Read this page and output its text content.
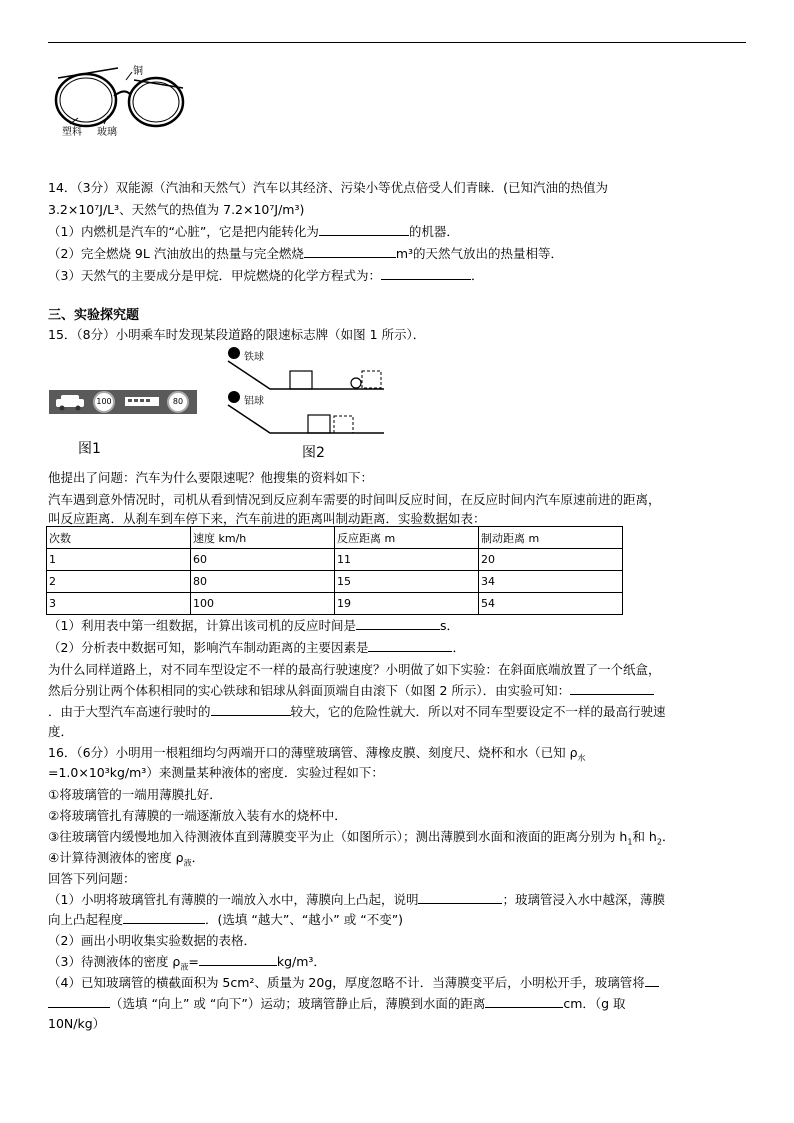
铜
塑料 玻璃
14．（3分）双能源（汽油和天然气）汽车以其经济、污染小等优点倍受人们青睐．(已知汽油的热值为
3.2×10⁷J/L³、天然气的热值为 7.2×10⁷J/m³)
（1）内燃机是汽车的“心脏”，它是把内能转化为	的机器．
（2）完全燃烧 9L 汽油放出的热量与完全燃烧	m³的天然气放出的热量相等．
（3）天然气的主要成分是甲烷．甲烷燃烧的化学方程式为：	．
三、实验探究题
15．（8分）小明乘车时发现某段道路的限速标志牌（如图 1 所示）．
100	80
图1
铁球
铝球
图2
他提出了问题：汽车为什么要限速呢？他搜集的资料如下：
汽车遇到意外情况时，司机从看到情况到反应刹车需要的时间叫反应时间，在反应时间内汽车原速前进的距离，
叫反应距离．从刹车到车停下来，汽车前进的距离叫制动距离．实验数据如表：
次数	速度 km/h	反应距离 m	制动距离 m
1	60	11	20
2	80	15	34
3	100	19	54
（1）利用表中第一组数据，计算出该司机的反应时间是	s．
（2）分析表中数据可知，影响汽车制动距离的主要因素是	．
为什么同样道路上，对不同车型设定不一样的最高行驶速度？小明做了如下实验：在斜面底端放置了一个纸盒，
然后分别让两个体积相同的实心铁球和铝球从斜面顶端自由滚下（如图 2 所示）．由实验可知：
．由于大型汽车高速行驶时的	较大，它的危险性就大．所以对不同车型要设定不一样的最高行驶速
度．
16．（6分）小明用一根粗细均匀两端开口的薄壁玻璃管、薄橡皮膜、刻度尺、烧杯和水（已知 $\rho_水$
=1.0×10³kg/m³）来测量某种液体的密度．实验过程如下：
①将玻璃管的一端用薄膜扎好．
②将玻璃管扎有薄膜的一端逐渐放入装有水的烧杯中．
③往玻璃管内缓慢地加入待测液体直到薄膜变平为止（如图所示）；测出薄膜到水面和液面的距离分别为 $h_1$和 $h_2$．
④计算待测液体的密度 $\rho_液$．
回答下列问题：
（1）小明将玻璃管扎有薄膜的一端放入水中，薄膜向上凸起，说明	；玻璃管浸入水中越深，薄膜
向上凸起程度	．(选填 “越大”、“越小” 或 “不变”)
（2）画出小明收集实验数据的表格．
（3）待测液体的密度 $\rho_液=$	kg/m³．
（4）已知玻璃管的横截面积为 5cm²、质量为 20g，厚度忽略不计．当薄膜变平后，小明松开手，玻璃管将
（选填 “向上” 或 “向下”）运动；玻璃管静止后，薄膜到水面的距离	cm．（g 取
10N/kg）
